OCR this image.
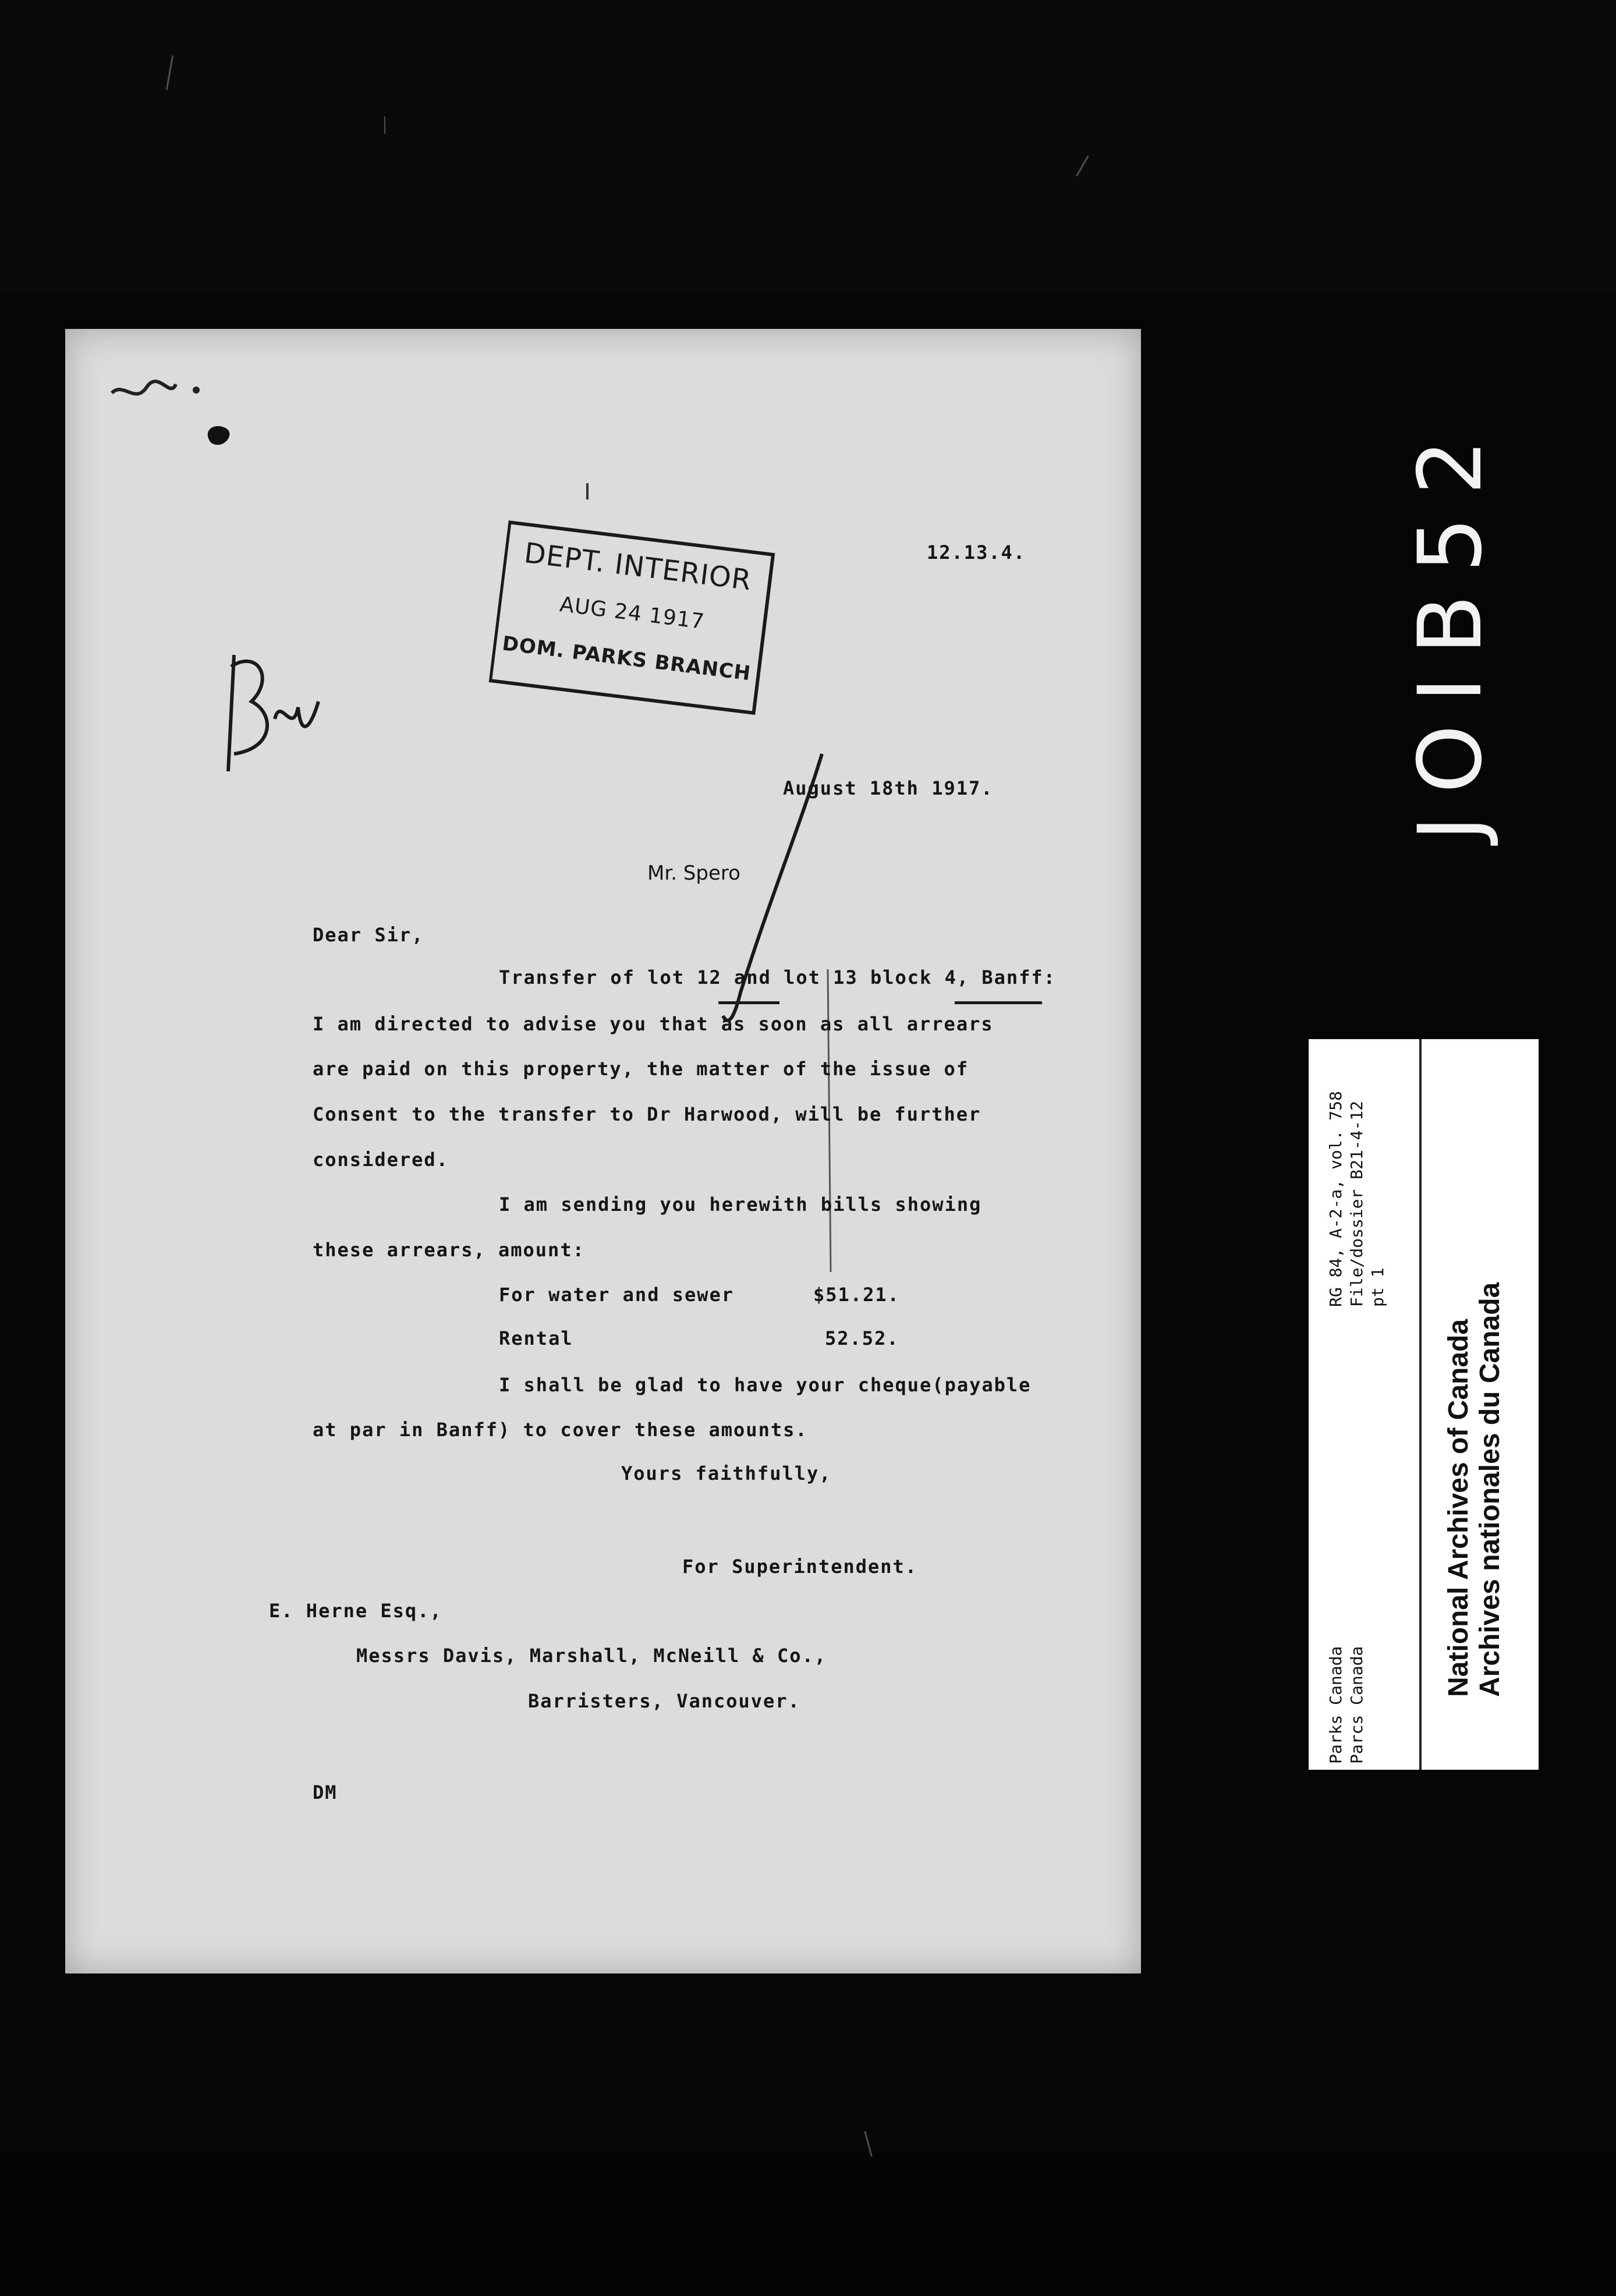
JOIB52
DEPT. INTERIOR
AUG 24 1917
DOM. PARKS BRANCH
12.13.4.
August 18th 1917.
Mr. Spero
Dear Sir,
Transfer of lot 12 and lot 13 block 4, Banff:
I am directed to advise you that as soon as all arrears
are paid on this property, the matter of the issue of
Consent to the transfer to Dr Harwood, will be further
considered.
I am sending you herewith bills showing
these arrears, amount:
For water and sewer	$51.21.
Rental	52.52.
I shall be glad to have your cheque(payable
at par in Banff) to cover these amounts.
Yours faithfully,
For Superintendent.
E. Herne Esq.,
Messrs Davis, Marshall, McNeill & Co.,
Barristers, Vancouver.
DM
RG 84, A-2-a, vol. 758 File/dossier B21-4-12 pt 1
Parks Canada Parcs Canada
National Archives of Canada Archives nationales du Canada
